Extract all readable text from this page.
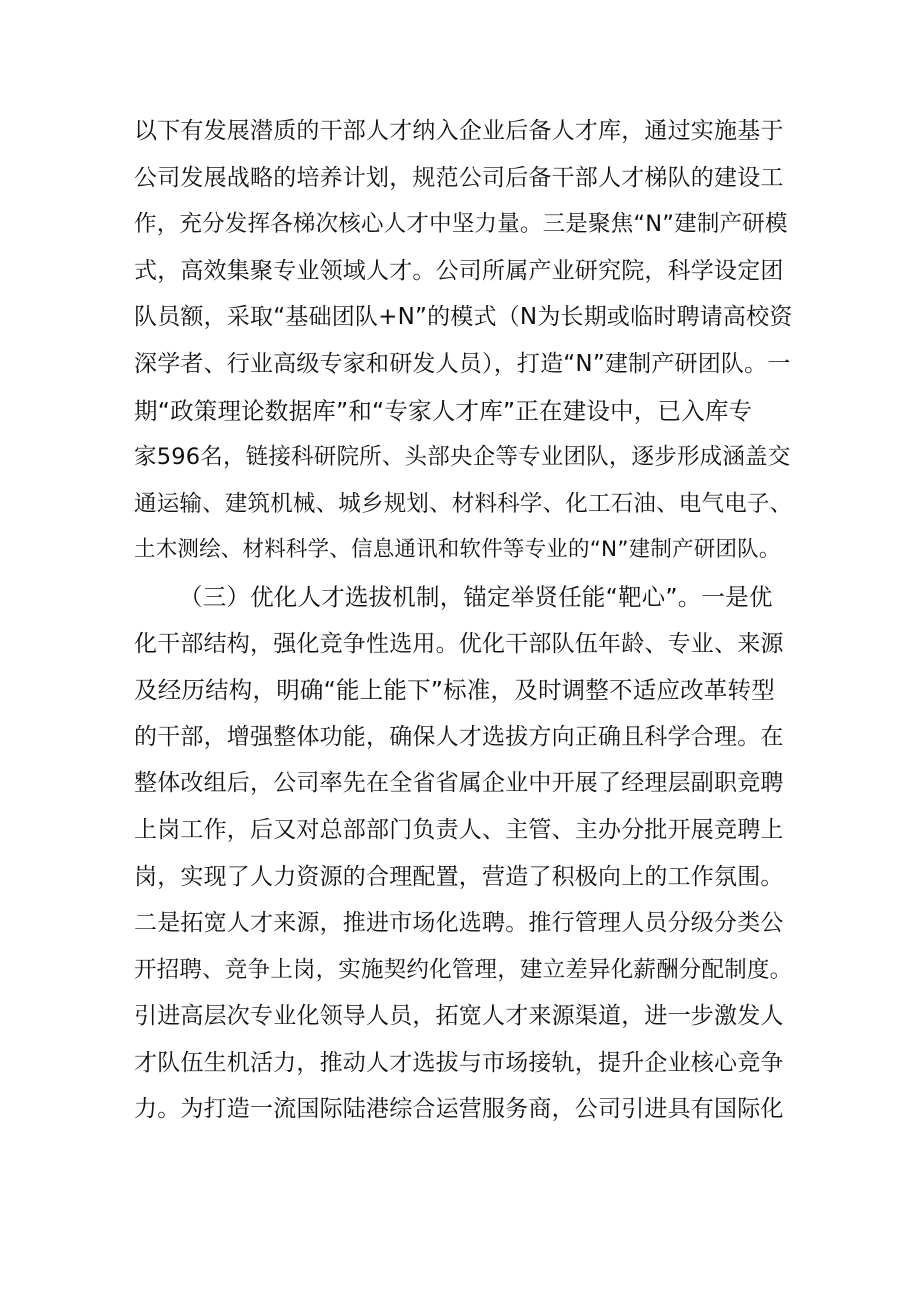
以下有发展潜质的干部人才纳入企业后备人才库，通过实施基于
公司发展战略的培养计划，规范公司后备干部人才梯队的建设工
作，充分发挥各梯次核心人才中坚力量。三是聚焦“N”建制产研模
式，高效集聚专业领域人才。公司所属产业研究院，科学设定团
队员额，采取“基础团队+N”的模式（N为长期或临时聘请高校资
深学者、行业高级专家和研发人员），打造“N”建制产研团队。一
期“政策理论数据库”和“专家人才库”正在建设中，已入库专
家596名，链接科研院所、头部央企等专业团队，逐步形成涵盖交
通运输、建筑机械、城乡规划、材料科学、化工石油、电气电子、
土木测绘、材料科学、信息通讯和软件等专业的“N”建制产研团队。
（三）优化人才选拔机制，锚定举贤任能“靶心”。一是优
化干部结构，强化竞争性选用。优化干部队伍年龄、专业、来源
及经历结构，明确“能上能下”标准，及时调整不适应改革转型
的干部，增强整体功能，确保人才选拔方向正确且科学合理。在
整体改组后，公司率先在全省省属企业中开展了经理层副职竞聘
上岗工作，后又对总部部门负责人、主管、主办分批开展竞聘上
岗，实现了人力资源的合理配置，营造了积极向上的工作氛围。
二是拓宽人才来源，推进市场化选聘。推行管理人员分级分类公
开招聘、竞争上岗，实施契约化管理，建立差异化薪酬分配制度。
引进高层次专业化领导人员，拓宽人才来源渠道，进一步激发人
才队伍生机活力，推动人才选拔与市场接轨，提升企业核心竞争
力。为打造一流国际陆港综合运营服务商，公司引进具有国际化
